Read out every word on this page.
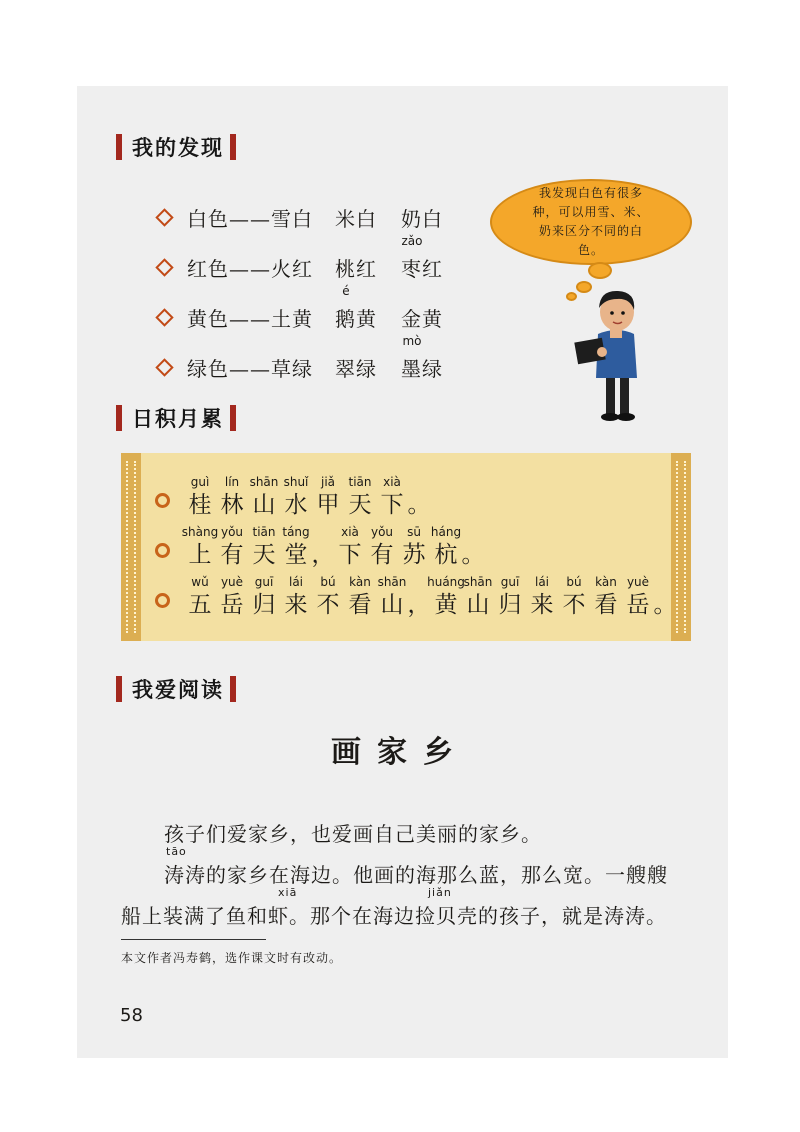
我的发现
白色——雪白 米白 奶白
红色——火红 桃红
zǎo
枣红
黄色——土黄
é
鹅黄 金黄
绿色——草绿 翠绿
mò
墨绿
我发现白色有很多种，可以用雪、米、奶来区分不同的白色。
日积月累
guì
桂
lín
林
shān
山
shuǐ
水
jiǎ
甲
tiān
天
xià
下 。
shàng
上
yǒu
有
tiān
天
táng
堂 ，
xià
下
yǒu
有
sū
苏
háng
杭 。
wǔ
五
yuè
岳
guī
归
lái
来
bú
不
kàn
看
shān
山 ，
huáng
黄
shān
山
guī
归
lái
来
bú
不
kàn
看
yuè
岳 。
我爱阅读
画家乡
孩子们爱家乡，也爱画自己美丽的家乡。
tāo
涛涛的家乡在海边。他画的海那么蓝，那么宽。一艘艘
xiā	jiǎn
船上装满了鱼和虾。那个在海边捡贝壳的孩子，就是涛涛。
本文作者冯寿鹤，选作课文时有改动。
58
